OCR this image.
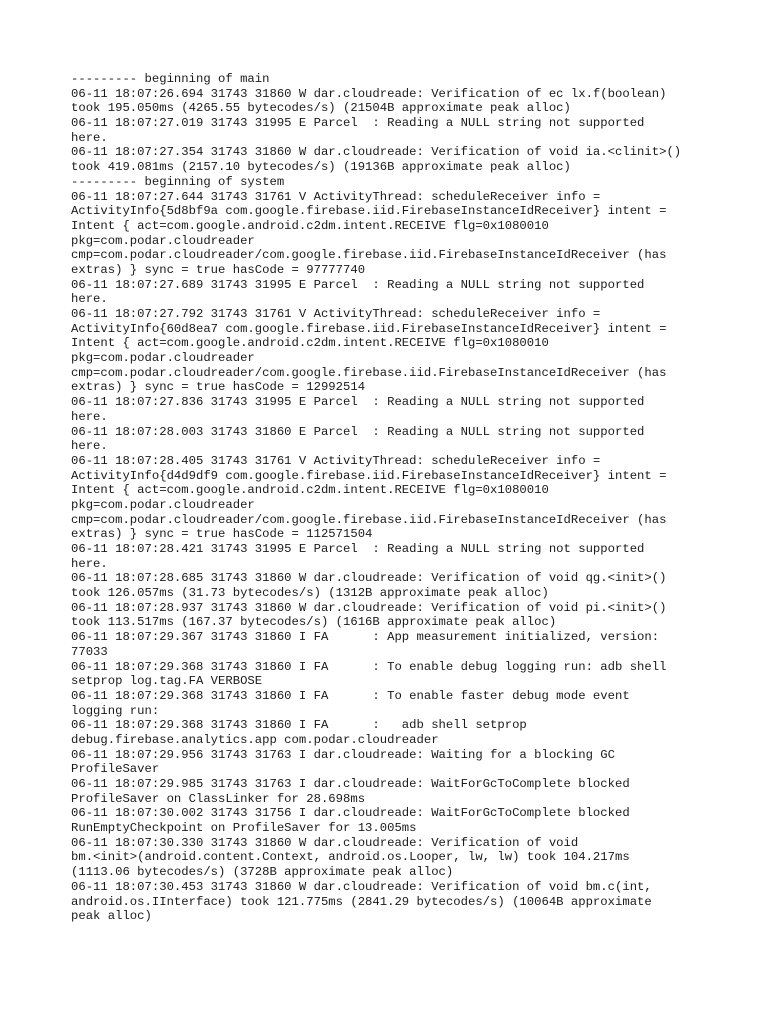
--------- beginning of main
06-11 18:07:26.694 31743 31860 W dar.cloudreade: Verification of ec lx.f(boolean)
took 195.050ms (4265.55 bytecodes/s) (21504B approximate peak alloc)
06-11 18:07:27.019 31743 31995 E Parcel  : Reading a NULL string not supported
here.
06-11 18:07:27.354 31743 31860 W dar.cloudreade: Verification of void ia.<clinit>()
took 419.081ms (2157.10 bytecodes/s) (19136B approximate peak alloc)
--------- beginning of system
06-11 18:07:27.644 31743 31761 V ActivityThread: scheduleReceiver info =
ActivityInfo{5d8bf9a com.google.firebase.iid.FirebaseInstanceIdReceiver} intent =
Intent { act=com.google.android.c2dm.intent.RECEIVE flg=0x1080010
pkg=com.podar.cloudreader
cmp=com.podar.cloudreader/com.google.firebase.iid.FirebaseInstanceIdReceiver (has
extras) } sync = true hasCode = 97777740
06-11 18:07:27.689 31743 31995 E Parcel  : Reading a NULL string not supported
here.
06-11 18:07:27.792 31743 31761 V ActivityThread: scheduleReceiver info =
ActivityInfo{60d8ea7 com.google.firebase.iid.FirebaseInstanceIdReceiver} intent =
Intent { act=com.google.android.c2dm.intent.RECEIVE flg=0x1080010
pkg=com.podar.cloudreader
cmp=com.podar.cloudreader/com.google.firebase.iid.FirebaseInstanceIdReceiver (has
extras) } sync = true hasCode = 12992514
06-11 18:07:27.836 31743 31995 E Parcel  : Reading a NULL string not supported
here.
06-11 18:07:28.003 31743 31860 E Parcel  : Reading a NULL string not supported
here.
06-11 18:07:28.405 31743 31761 V ActivityThread: scheduleReceiver info =
ActivityInfo{d4d9df9 com.google.firebase.iid.FirebaseInstanceIdReceiver} intent =
Intent { act=com.google.android.c2dm.intent.RECEIVE flg=0x1080010
pkg=com.podar.cloudreader
cmp=com.podar.cloudreader/com.google.firebase.iid.FirebaseInstanceIdReceiver (has
extras) } sync = true hasCode = 112571504
06-11 18:07:28.421 31743 31995 E Parcel  : Reading a NULL string not supported
here.
06-11 18:07:28.685 31743 31860 W dar.cloudreade: Verification of void qg.<init>()
took 126.057ms (31.73 bytecodes/s) (1312B approximate peak alloc)
06-11 18:07:28.937 31743 31860 W dar.cloudreade: Verification of void pi.<init>()
took 113.517ms (167.37 bytecodes/s) (1616B approximate peak alloc)
06-11 18:07:29.367 31743 31860 I FA      : App measurement initialized, version:
77033
06-11 18:07:29.368 31743 31860 I FA      : To enable debug logging run: adb shell
setprop log.tag.FA VERBOSE
06-11 18:07:29.368 31743 31860 I FA      : To enable faster debug mode event
logging run:
06-11 18:07:29.368 31743 31860 I FA      :   adb shell setprop
debug.firebase.analytics.app com.podar.cloudreader
06-11 18:07:29.956 31743 31763 I dar.cloudreade: Waiting for a blocking GC
ProfileSaver
06-11 18:07:29.985 31743 31763 I dar.cloudreade: WaitForGcToComplete blocked
ProfileSaver on ClassLinker for 28.698ms
06-11 18:07:30.002 31743 31756 I dar.cloudreade: WaitForGcToComplete blocked
RunEmptyCheckpoint on ProfileSaver for 13.005ms
06-11 18:07:30.330 31743 31860 W dar.cloudreade: Verification of void
bm.<init>(android.content.Context, android.os.Looper, lw, lw) took 104.217ms
(1113.06 bytecodes/s) (3728B approximate peak alloc)
06-11 18:07:30.453 31743 31860 W dar.cloudreade: Verification of void bm.c(int,
android.os.IInterface) took 121.775ms (2841.29 bytecodes/s) (10064B approximate
peak alloc)
